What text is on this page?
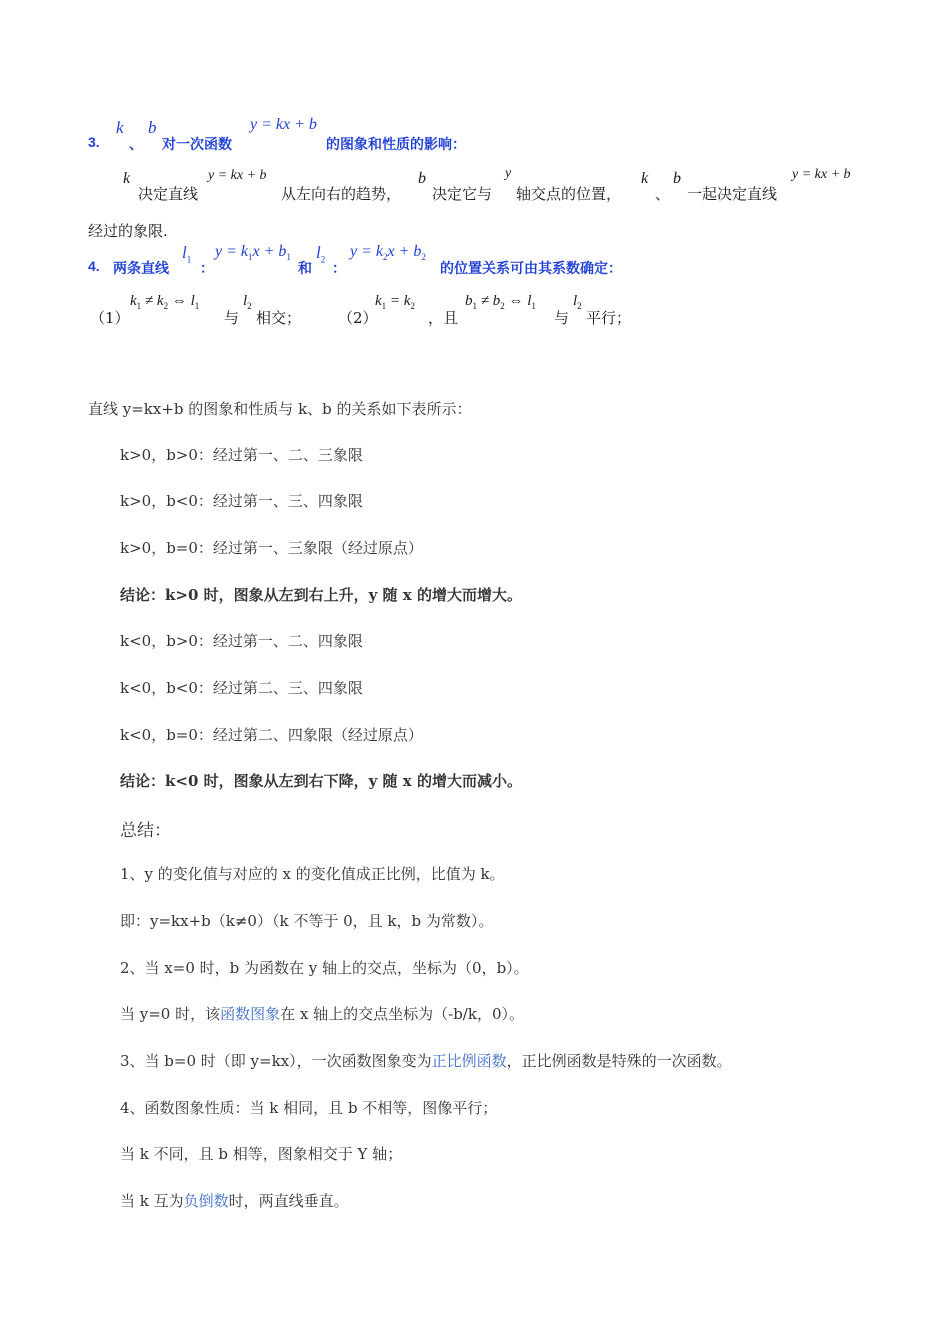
3.
k
、
b
对一次函数
y = kx + b
的图象和性质的影响：
k
决定直线
y = kx + b
从左向右的趋势，
b
决定它与
y
轴交点的位置，
k
、
b
一起决定直线
y = kx + b
经过的象限.
4. 两条直线
$l_1$
：
$y = k_1x + b_1$
和
$l_2$
：
$y = k_2x + b_2$
的位置关系可由其系数确定：
（1）
$k_1 \ne k_2$ ⇔ $l_1$
与
$l_2$
相交； （2）
$k_1 = k_2$
，且
$b_1 \ne b_2$ ⇔ $l_1$
与
$l_2$
平行；
直线 y=kx+b 的图象和性质与 k、b 的关系如下表所示：
k>0，b>0：经过第一、二、三象限
k>0，b<0：经过第一、三、四象限
k>0，b=0：经过第一、三象限（经过原点）
结论：k>0 时，图象从左到右上升，y 随 x 的增大而增大。
k<0，b>0：经过第一、二、四象限
k<0，b<0：经过第二、三、四象限
k<0，b=0：经过第二、四象限（经过原点）
结论：k<0 时，图象从左到右下降，y 随 x 的增大而减小。
总结：
1、y 的变化值与对应的 x 的变化值成正比例，比值为 k。
即：y=kx+b（k≠0）（k 不等于 0，且 k，b 为常数）。
2、当 x=0 时，b 为函数在 y 轴上的交点，坐标为（0，b）。
当 y=0 时，该函数图象在 x 轴上的交点坐标为（-b/k，0）。
3、当 b=0 时（即 y=kx），一次函数图象变为正比例函数，正比例函数是特殊的一次函数。
4、函数图象性质：当 k 相同，且 b 不相等，图像平行；
当 k 不同，且 b 相等，图象相交于 Y 轴；
当 k 互为负倒数时，两直线垂直。
